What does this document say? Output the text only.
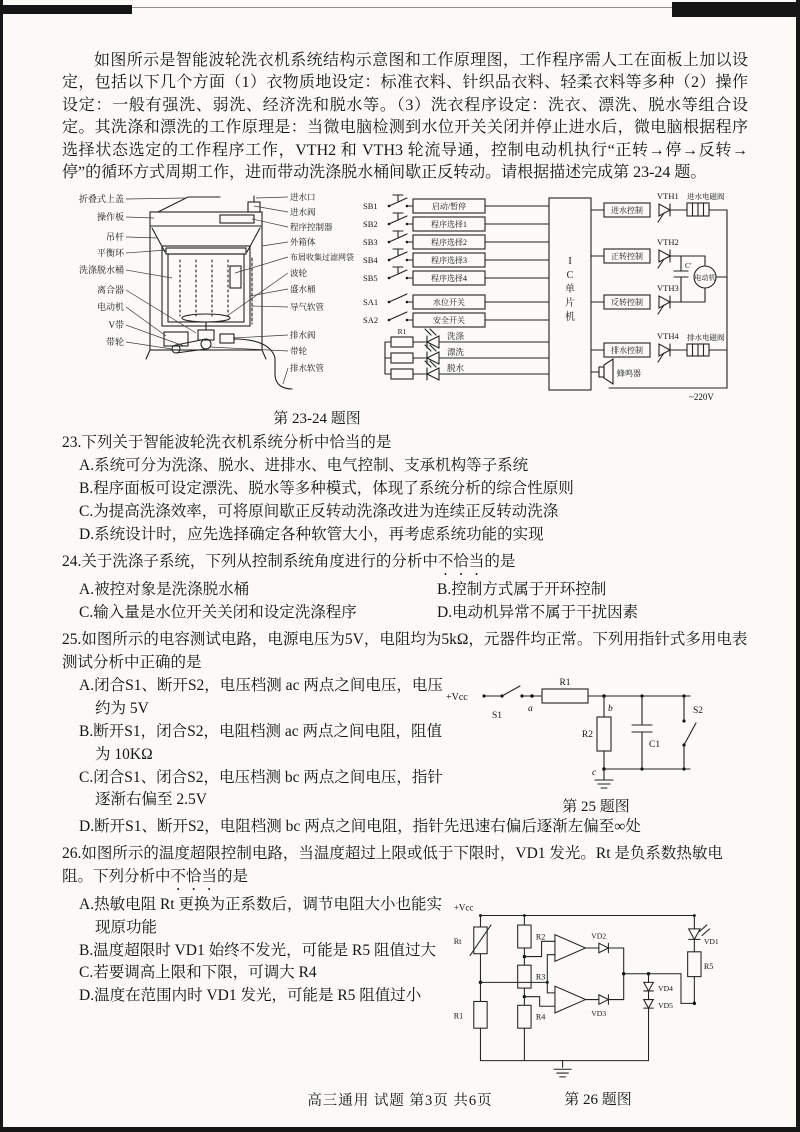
如图所示是智能波轮洗衣机系统结构示意图和工作原理图，工作程序需人工在面板上加以设定，包括以下几个方面（1）衣物质地设定：标准衣料、针织品衣料、轻柔衣料等多种（2）操作设定：一般有强洗、弱洗、经济洗和脱水等。（3）洗衣程序设定：洗衣、漂洗、脱水等组合设定。其洗涤和漂洗的工作原理是：当微电脑检测到水位开关关闭并停止进水后，微电脑根据程序选择状态选定的工作程序工作，VTH2 和 VTH3 轮流导通，控制电动机执行“正转→停→反转→停”的循环方式周期工作，进而带动洗涤脱水桶间歇正反转动。请根据描述完成第 23-24 题。

折叠式上盖
操作板
吊杆
平衡环
洗涤脱水桶
离合器
电动机
V带
带轮
进水口
进水阀
程序控制器
外箱体
布屑收集过滤网袋
波轮
盛水桶
导气软管
排水阀
带轮
排水软管
I
C
单
片
机
SB1
SB2
SB3
SB4
SB5
SA1
SA2
启动/暂停
程序选择1
程序选择2
程序选择3
程序选择4
水位开关
安全开关
R1	洗涤
漂洗
脱水
进水控制
正转控制
反转控制
排水控制
VTH1
VTH2
VTH3
VTH4
进水电磁阀
电动机
排水电磁阀
C′
~220V
蜂鸣器
第 23-24 题图
23.下列关于智能波轮洗衣机系统分析中恰当的是
A.系统可分为洗涤、脱水、进排水、电气控制、支承机构等子系统
B.程序面板可设定漂洗、脱水等多种模式，体现了系统分析的综合性原则
C.为提高洗涤效率，可将原间歇正反转动洗涤改进为连续正反转动洗涤
D.系统设计时，应先选择确定各种软管大小，再考虑系统功能的实现
24.关于洗涤子系统，下列从控制系统角度进行的分析中不恰当的是
A.被控对象是洗涤脱水桶	B.控制方式属于开环控制
C.输入量是水位开关关闭和设定洗涤程序	D.电动机异常不属于干扰因素
25.如图所示的电容测试电路，电源电压为5V，电阻均为5kΩ，元器件均正常。下列用指针式多用电表测试分析中正确的是
A.闭合S1、断开S2，电压档测 ac 两点之间电压，电压约为 5V
B.断开S1，闭合S2，电阻档测 ac 两点之间电阻，阻值为 10KΩ
C.闭合S1、闭合S2，电压档测 bc 两点之间电压，指针逐渐右偏至 2.5V
+Vcc
S1
a
R1
b
R2
c
C1
S2
第 25 题图
D.断开S1、断开S2，电阻档测 bc 两点之间电阻，指针先迅速右偏后逐渐左偏至∞处
26.如图所示的温度超限控制电路，当温度超过上限或低于下限时，VD1 发光。Rt 是负系数热敏电阻。下列分析中不恰当的是
A.热敏电阻 Rt 更换为正系数后，调节电阻大小也能实现原功能
B.温度超限时 VD1 始终不发光，可能是 R5 阻值过大
C.若要调高上限和下限，可调大 R4
D.温度在范围内时 VD1 发光，可能是 R5 阻值过小
+Vcc
Rt
R1
R2
R3
R4
VD2
VD3
VD4
VD5
VD1
R5
第 26 题图
高三通用 试题 第3页 共6页
